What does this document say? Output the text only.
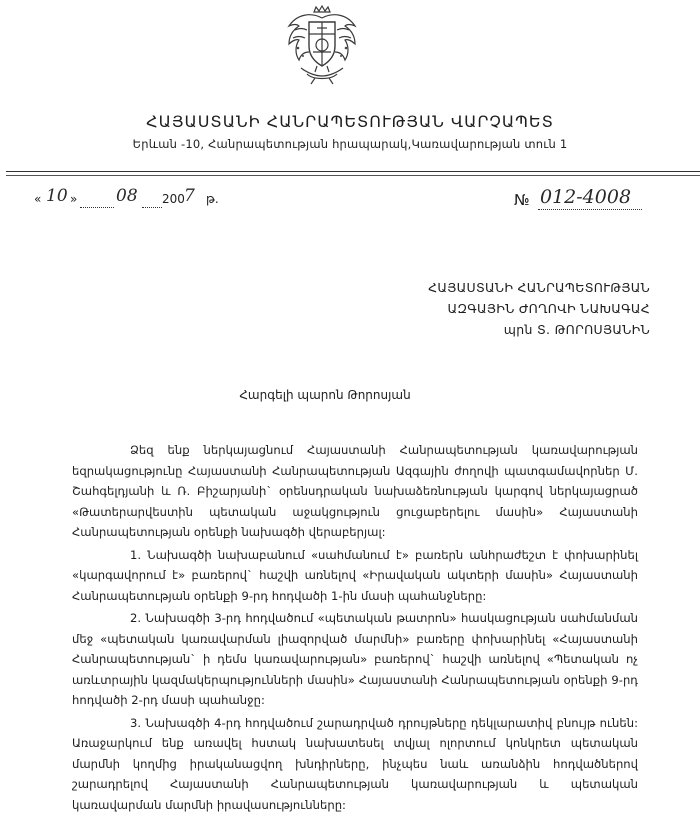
ՀԱՅԱՍՏԱՆԻ ՀԱՆՐԱՊԵՏՈՒԹՅԱՆ ՎԱՐՉԱՊԵՏ
Երևան -10, Հանրապետության հրապարակ,Կառավարության տուն 1
« 10 » 08 200 7 թ.	№ 012-4008
ՀԱՅԱՍՏԱՆԻ ՀԱՆՐԱՊԵՏՈՒԹՅԱՆ
ԱԶԳԱՅԻՆ ԺՈՂՈՎԻ ՆԱԽԱԳԱՀ
պրն Տ. ԹՈՐՈՍՅԱՆԻՆ
Հարգելի պարոն Թորոսյան

Ձեզ ենք ներկայացնում Հայաստանի Հանրապետության կառավարության եզրակացությունը Հայաստանի Հանրապետության Ազգային ժողովի պատգամավորներ Մ. Շահգելդյանի և Ռ. Բիշարյանի` օրենսդրական նախաձեռնության կարգով ներկայացրած «Թատերարվեստին պետական աջակցություն ցուցաբերելու մասին» Հայաստանի Հանրապետության օրենքի նախագծի վերաբերյալ:

1. Նախագծի նախաբանում «սահմանում է» բառերն անհրաժեշտ է փոխարինել «կարգավորում է» բառերով` հաշվի առնելով «Իրավական ակտերի մասին» Հայաստանի Հանրապետության օրենքի 9-րդ հոդվածի 1-ին մասի պահանջները:

2. Նախագծի 3-րդ հոդվածում «պետական թատրոն» հասկացության սահմանման մեջ «պետական կառավարման լիազորված մարմնի» բառերը փոխարինել «Հայաստանի Հանրապետության` ի դեմս կառավարության» բառերով` հաշվի առնելով «Պետական ոչ առևտրային կազմակերպությունների մասին» Հայաստանի Հանրապետության օրենքի 9-րդ հոդվածի 2-րդ մասի պահանջը:

3. Նախագծի 4-րդ հոդվածում շարադրված դրույթները դեկլարատիվ բնույթ ունեն: Առաջարկում ենք առավել հստակ նախատեսել տվյալ ոլորտում կոնկրետ պետական մարմնի կողմից իրականացվող խնդիրները, ինչպես նաև առանձին հոդվածներով շարադրելով Հայաստանի Հանրապետության կառավարության և պետական կառավարման մարմնի իրավասությունները:
